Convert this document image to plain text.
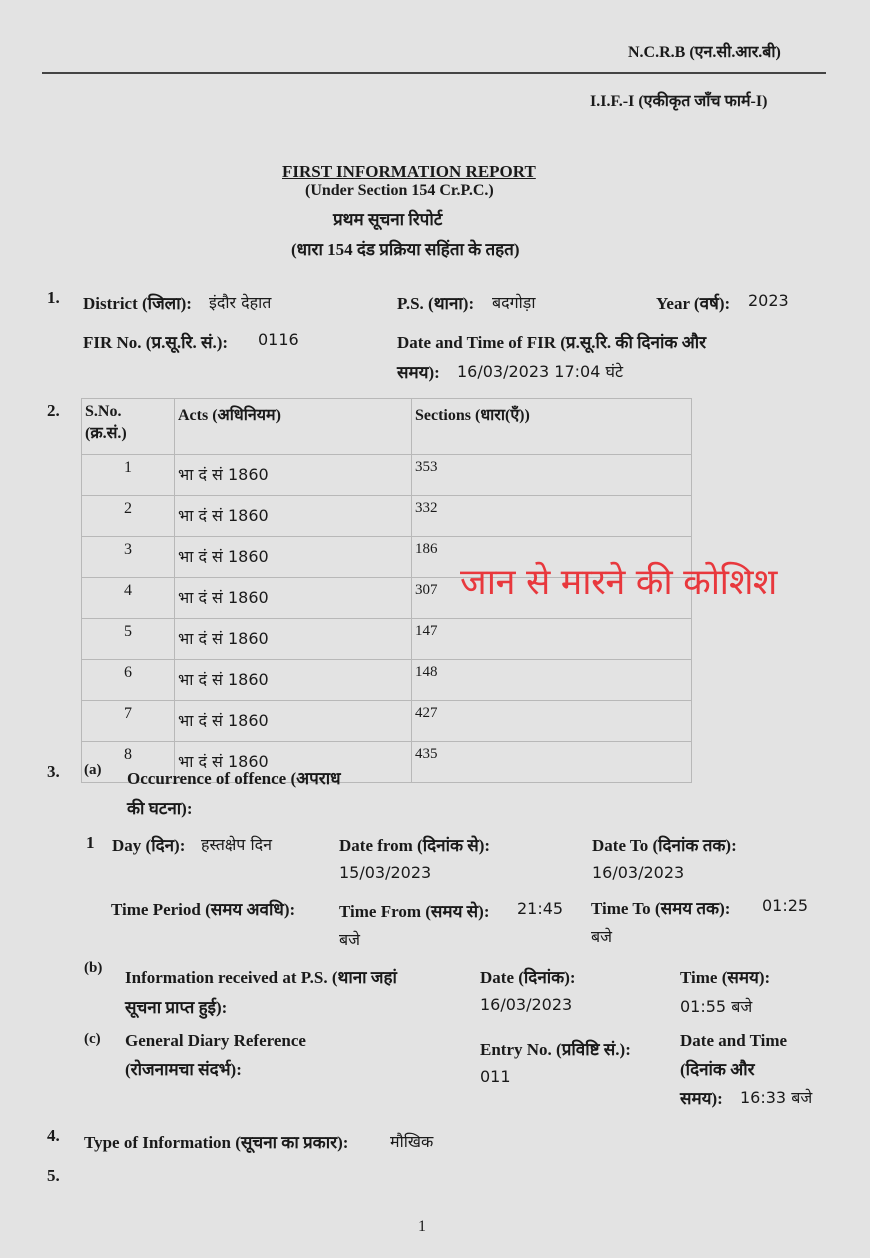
N.C.R.B (एन.सी.आर.बी)
I.I.F.-I (एकीकृत जाँच फार्म-I)
FIRST INFORMATION REPORT
(Under Section 154 Cr.P.C.)
प्रथम सूचना रिपोर्ट
(धारा 154 दंड प्रक्रिया सहिंता के तहत)
1. District (जिला): इंदौर देहात	P.S. (थाना): बदगोड़ा	Year (वर्ष): 2023
FIR No. (प्र.सू.रि. सं.): 0116	Date and Time of FIR (प्र.सू.रि. की दिनांक और
समय): 16/03/2023 17:04 घंटे
2. S.No.
(क्र.सं.)	Acts (अधिनियम)	Sections (धारा(एँ))
1	भा दं सं 1860	353
2	भा दं सं 1860	332
3	भा दं सं 1860	186
4	भा दं सं 1860	307
5	भा दं सं 1860	147
6	भा दं सं 1860	148
7	भा दं सं 1860	427
8	भा दं सं 1860	435
जान से मारने की कोशिश
3. (a) Occurrence of offence (अपराध
की घटना):
1 Day (दिन): हस्तक्षेप दिन	Date from (दिनांक से):
15/03/2023
Date To (दिनांक तक):
16/03/2023
Time Period (समय अवधि):	Time From (समय से): 21:45
बजे
Time To (समय तक): 01:25
बजे
(b) Information received at P.S. (थाना जहां
सूचना प्राप्त हुई):
Date (दिनांक):
16/03/2023
Time (समय):
01:55 बजे
(c) General Diary Reference
(रोजनामचा संदर्भ):
Entry No. (प्रविष्टि सं.):
011
Date and Time
(दिनांक और
समय): 16:33 बजे
4. Type of Information (सूचना का प्रकार):	मौखिक
5.
1
